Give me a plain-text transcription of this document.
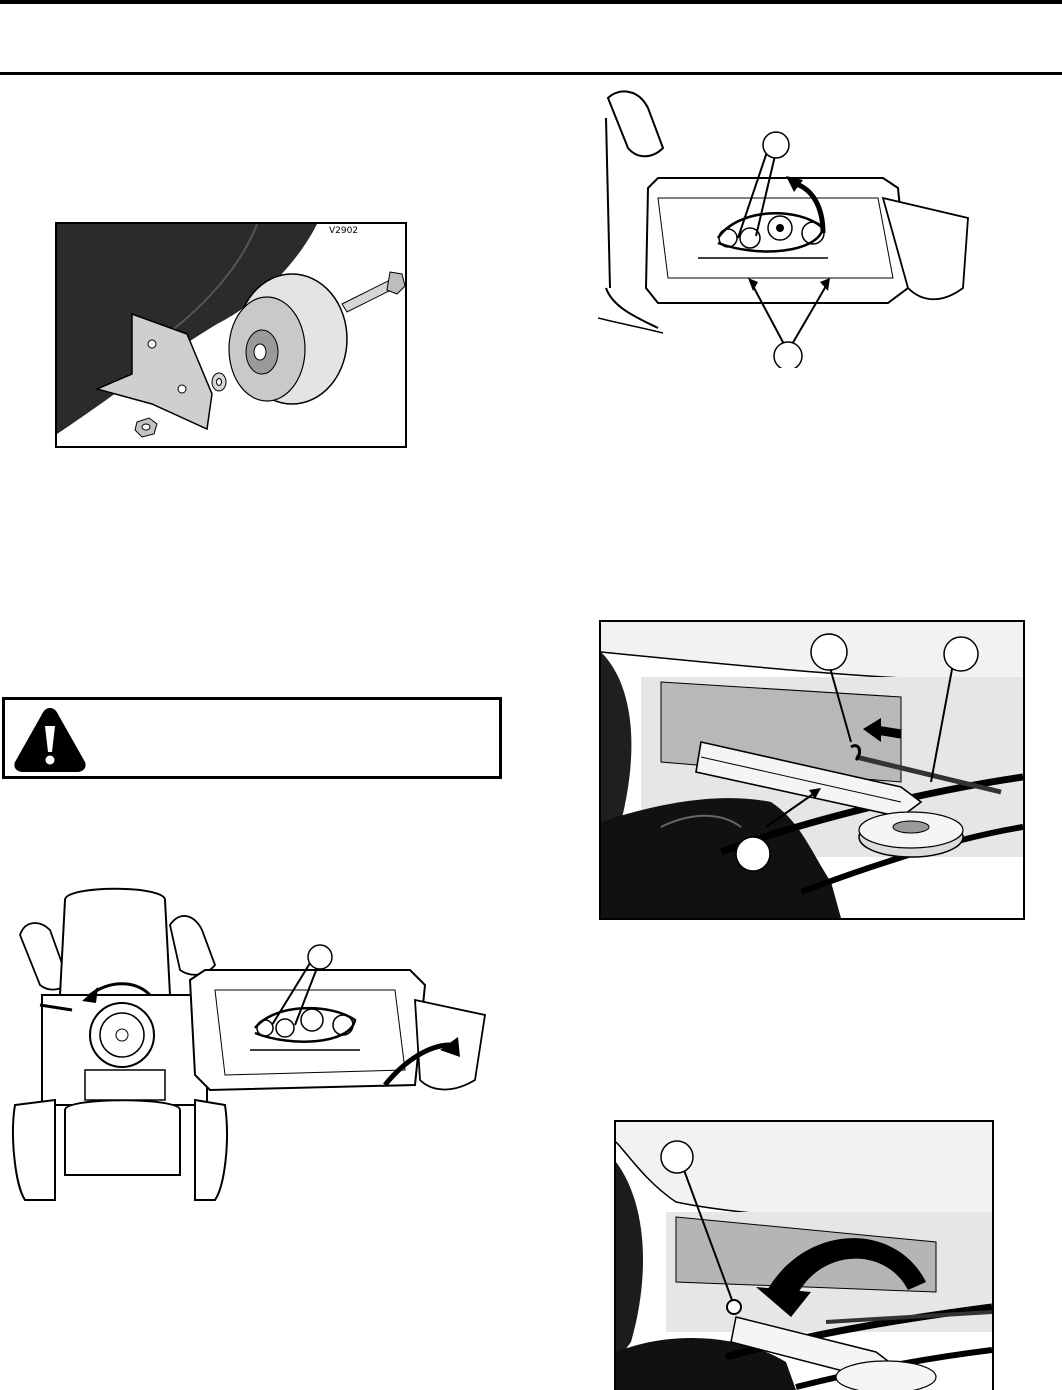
V2902
